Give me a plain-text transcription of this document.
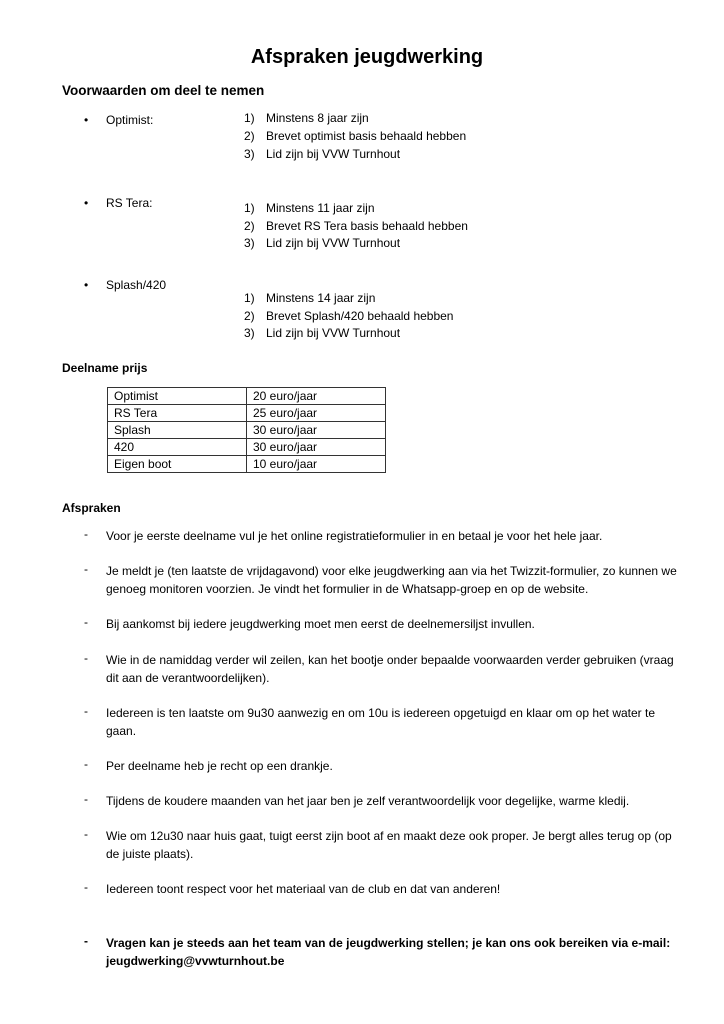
Afspraken jeugdwerking
Voorwaarden om deel te nemen
• Optimist:	1) Minstens 8 jaar zijn
2) Brevet optimist basis behaald hebben
3) Lid zijn bij VVW Turnhout
• RS Tera:	1) Minstens 11 jaar zijn
2) Brevet RS Tera basis behaald hebben
3) Lid zijn bij VVW Turnhout
• Splash/420
1) Minstens 14 jaar zijn
2) Brevet Splash/420 behaald hebben
3) Lid zijn bij VVW Turnhout
Deelname prijs
Optimist	20 euro/jaar
RS Tera	25 euro/jaar
Splash	30 euro/jaar
420	30 euro/jaar
Eigen boot	10 euro/jaar
Afspraken
- Voor je eerste deelname vul je het online registratieformulier in en betaal je voor het hele jaar.
- Je meldt je (ten laatste de vrijdagavond) voor elke jeugdwerking aan via het Twizzit-formulier, zo kunnen we genoeg monitoren voorzien. Je vindt het formulier in de Whatsapp-groep en op de website.
- Bij aankomst bij iedere jeugdwerking moet men eerst de deelnemersiljst invullen.
- Wie in de namiddag verder wil zeilen, kan het bootje onder bepaalde voorwaarden verder gebruiken (vraag dit aan de verantwoordelijken).
- Iedereen is ten laatste om 9u30 aanwezig en om 10u is iedereen opgetuigd en klaar om op het water te gaan.
- Per deelname heb je recht op een drankje.
- Tijdens de koudere maanden van het jaar ben je zelf verantwoordelijk voor degelijke, warme kledij.
- Wie om 12u30 naar huis gaat, tuigt eerst zijn boot af en maakt deze ook proper. Je bergt alles terug op (op de juiste plaats).
- Iedereen toont respect voor het materiaal van de club en dat van anderen!
- Vragen kan je steeds aan het team van de jeugdwerking stellen; je kan ons ook bereiken via e-mail: jeugdwerking@vvwturnhout.be
